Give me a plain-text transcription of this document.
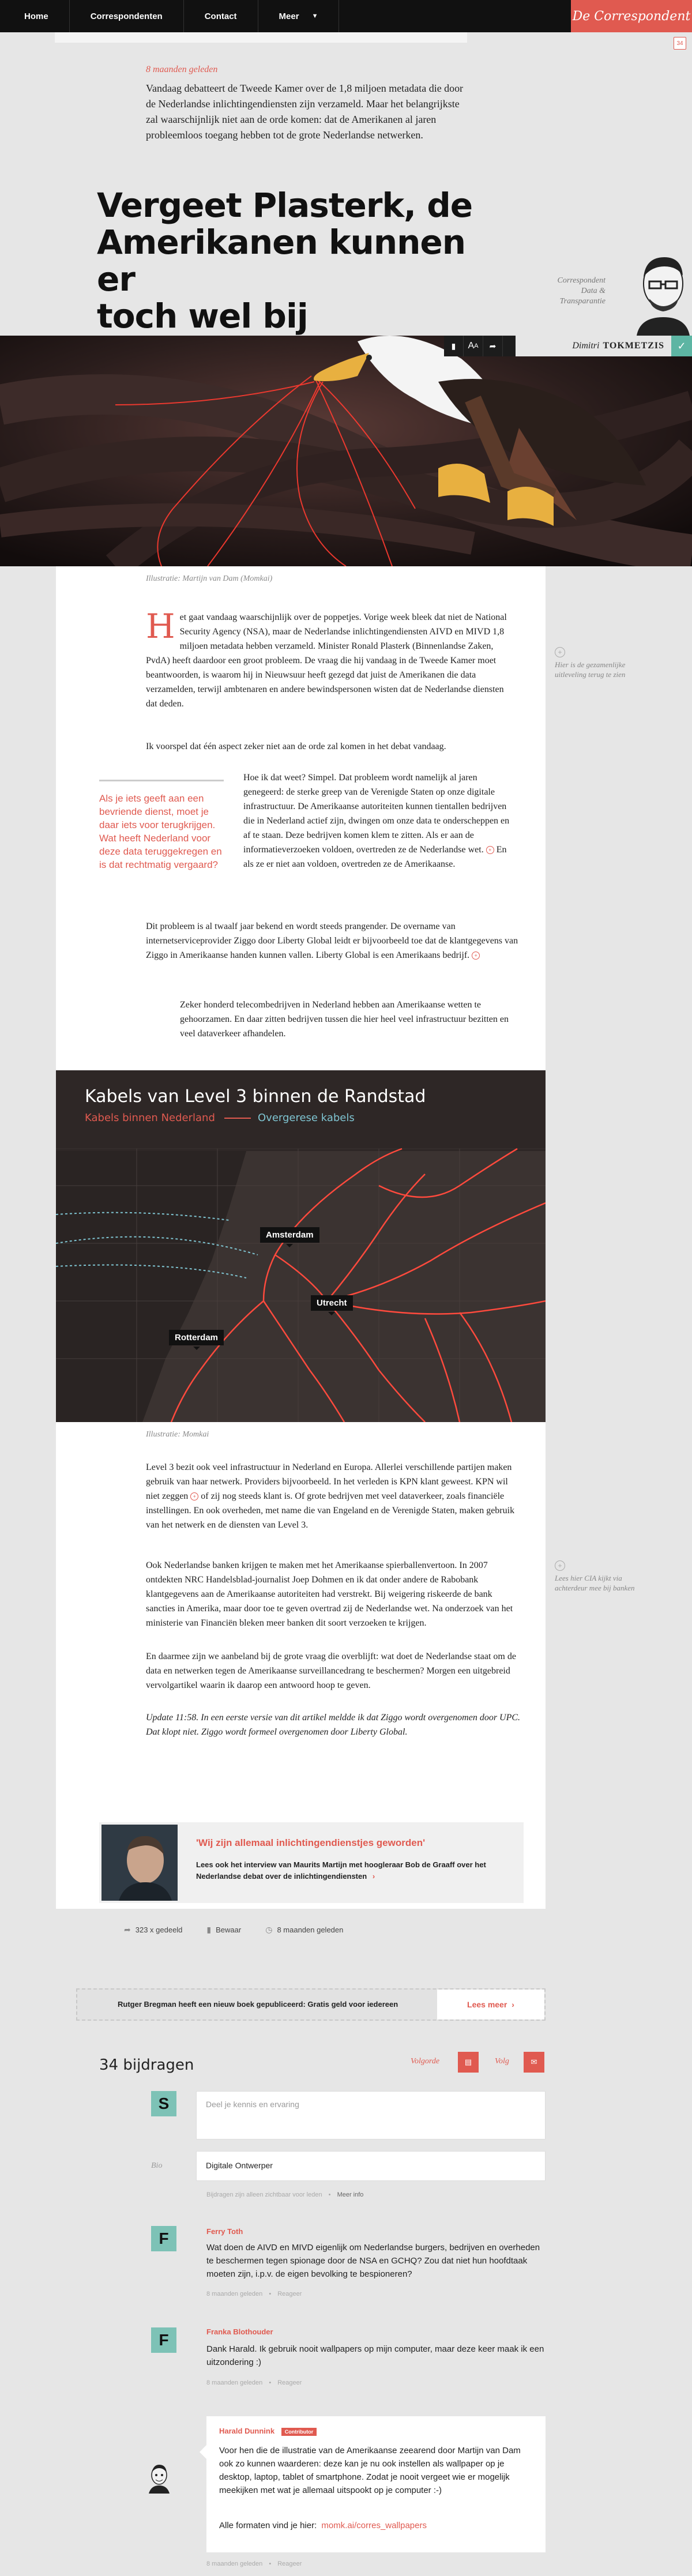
Home	Correspondenten	Contact	Meer ▼	De Correspondent
34
8 maanden geleden
Vandaag debatteert de Tweede Kamer over de 1,8 miljoen metadata die door de Nederlandse inlichtingendiensten zijn verzameld. Maar het belangrijkste zal waarschijnlijk niet aan de orde komen: dat de Amerikanen al jaren probleemloos toegang hebben tot de grote Nederlandse netwerken.
Vergeet Plasterk, de
Amerikanen kunnen er
toch wel bij
Correspondent Data & Transparantie
▮	A A	➦	Dimitri TOKMETZIS	✓
Illustratie: Martijn van Dam (Momkai)
Het gaat vandaag waarschijnlijk over de poppetjes. Vorige week bleek dat niet de National Security Agency (NSA), maar de Nederlandse inlichtingendiensten AIVD en MIVD 1,8 miljoen metadata hebben verzameld. Minister Ronald Plasterk (Binnenlandse Zaken, PvdA) heeft daardoor een groot probleem. De vraag die hij vandaag in de Tweede Kamer moet beantwoorden, is waarom hij in Nieuwsuur heeft gezegd dat juist de Amerikanen die data verzamelden, terwijl ambtenaren en andere bewindspersonen wisten dat de Nederlandse diensten dat deden.
+
Hier is de gezamenlijke uitleveling terug te zien
Ik voorspel dat één aspect zeker niet aan de orde zal komen in het debat vandaag.
Als je iets geeft aan een bevriende dienst, moet je daar iets voor terugkrijgen. Wat heeft Nederland voor deze data teruggekregen en is dat rechtmatig vergaard?
Hoe ik dat weet? Simpel. Dat probleem wordt namelijk al jaren genegeerd: de sterke greep van de Verenigde Staten op onze digitale infrastructuur. De Amerikaanse autoriteiten kunnen tientallen bedrijven die in Nederland actief zijn, dwingen om onze data te onderscheppen en af te staan. Deze bedrijven komen klem te zitten. Als er aan de informatieverzoeken voldoen, overtreden ze de Nederlandse wet. + En als ze er niet aan voldoen, overtreden ze de Amerikaanse.
Dit probleem is al twaalf jaar bekend en wordt steeds prangender. De overname van internetserviceprovider Ziggo door Liberty Global leidt er bijvoorbeeld toe dat de klantgegevens van Ziggo in Amerikaanse handen kunnen vallen. Liberty Global is een Amerikaans bedrijf. +
Zeker honderd telecombedrijven in Nederland hebben aan Amerikaanse wetten te gehoorzamen. En daar zitten bedrijven tussen die hier heel veel infrastructuur bezitten en veel dataverkeer afhandelen.
Kabels van Level 3 binnen de Randstad
Kabels binnen Nederland	Overgerese kabels
Amsterdam
Utrecht
Rotterdam
Illustratie: Momkai
Level 3 bezit ook veel infrastructuur in Nederland en Europa. Allerlei verschillende partijen maken gebruik van haar netwerk. Providers bijvoorbeeld. In het verleden is KPN klant geweest. KPN wil niet zeggen + of zij nog steeds klant is. Of grote bedrijven met veel dataverkeer, zoals financiële instellingen. En ook overheden, met name die van Engeland en de Verenigde Staten, maken gebruik van het netwerk en de diensten van Level 3.
+
Lees hier CIA kijkt via achterdeur mee bij banken
Ook Nederlandse banken krijgen te maken met het Amerikaanse spierballenvertoon. In 2007 ontdekten NRC Handelsblad-journalist Joep Dohmen en ik dat onder andere de Rabobank klantgegevens aan de Amerikaanse autoriteiten had verstrekt. Bij weigering riskeerde de bank sancties in Amerika, maar door toe te geven overtrad zij de Nederlandse wet. Na onderzoek van het ministerie van Financiën bleken meer banken dit soort verzoeken te krijgen.
En daarmee zijn we aanbeland bij de grote vraag die overblijft: wat doet de Nederlandse staat om de data en netwerken tegen de Amerikaanse surveillancedrang te beschermen? Morgen een uitgebreid vervolgartikel waarin ik daarop een antwoord hoop te geven.
Update 11:58. In een eerste versie van dit artikel meldde ik dat Ziggo wordt overgenomen door UPC. Dat klopt niet. Ziggo wordt formeel overgenomen door Liberty Global.
'Wij zijn allemaal inlichtingendienstjes geworden'
Lees ook het interview van Maurits Martijn met hoogleraar Bob de Graaff over het Nederlandse debat over de inlichtingendiensten ›
➦ 323 x gedeeld	▮ Bewaar	◷ 8 maanden geleden
Rutger Bregman heeft een nieuw boek gepubliceerd: Gratis geld voor iedereen	Lees meer ›
34 bijdragen	Volgorde	▤	Volg	✉
S	Deel je kennis en ervaring
Bio	Digitale Ontwerper
Bijdragen zijn alleen zichtbaar voor leden • Meer info
F	Ferry Toth
Wat doen de AIVD en MIVD eigenlijk om Nederlandse burgers, bedrijven en overheden te beschermen tegen spionage door de NSA en GCHQ? Zou dat niet hun hoofdtaak moeten zijn, i.p.v. de eigen bevolking te bespioneren?
8 maanden geleden • Reageer
F	Franka Blothouder
Dank Harald. Ik gebruik nooit wallpapers op mijn computer, maar deze keer maak ik een uitzondering :)
8 maanden geleden • Reageer
Harald Dunnink Contributor
Voor hen die de illustratie van de Amerikaanse zeearend door Martijn van Dam ook zo kunnen waarderen: deze kan je nu ook instellen als wallpaper op je desktop, laptop, tablet of smartphone. Zodat je nooit vergeet wie er mogelijk meekijken met wat je allemaal uitspookt op je computer :-)
Alle formaten vind je hier: momk.ai/corres_wallpapers
8 maanden geleden • Reageer
